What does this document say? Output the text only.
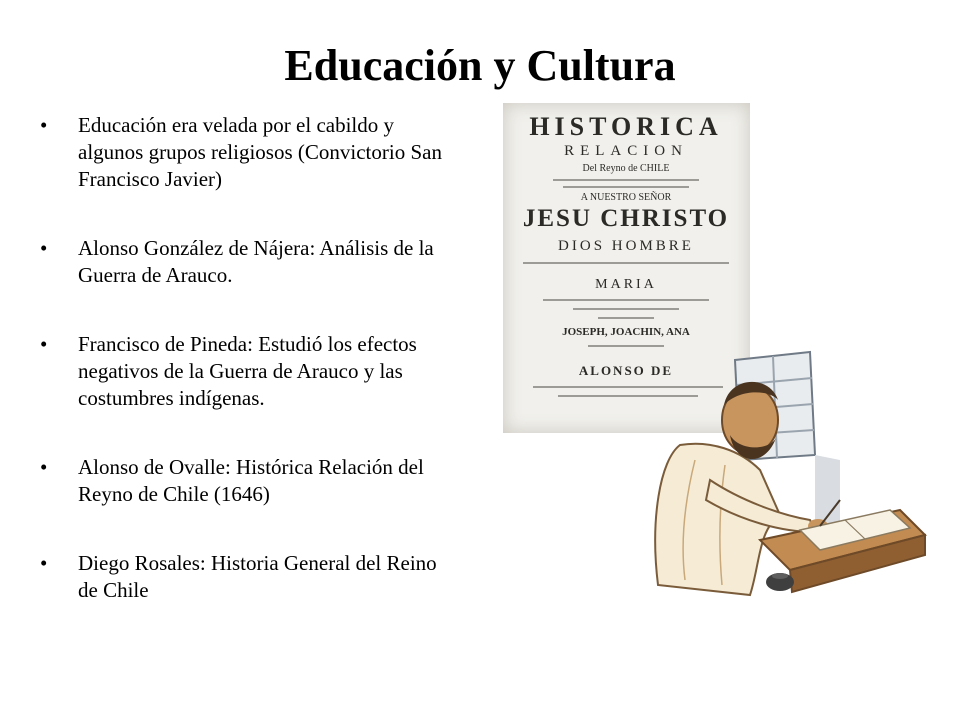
Educación y Cultura
• Educación era velada por el cabildo y algunos grupos religiosos (Convictorio San Francisco Javier)
• Alonso González de Nájera: Análisis de la Guerra de Arauco.
• Francisco de Pineda: Estudió los efectos negativos de la Guerra de Arauco y las costumbres indígenas.
• Alonso de Ovalle: Histórica Relación del Reyno de Chile (1646)
• Diego Rosales: Historia General del Reino de Chile
HISTORICA
RELACION
Del Reyno de CHILE
A NUESTRO SEÑOR
JESU CHRISTO
DIOS HOMBRE
MARIA
JOSEPH, JOACHIN, ANA
ALONSO DE
